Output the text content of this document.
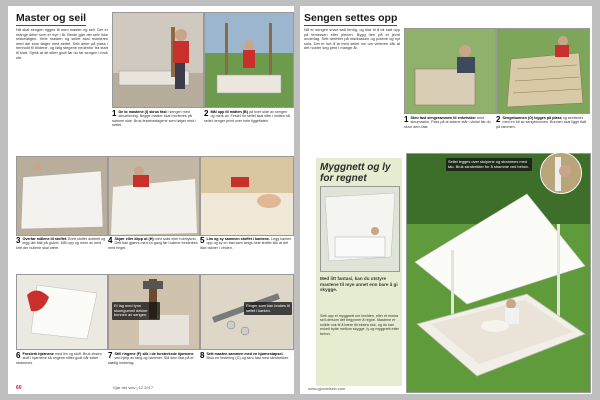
Master og seil
Nå skal sengen rigges til med master og seil. Det er mange deler som er nye i år. Beste gjør det selv ikke rekkefølgen. Hele masten og seilet skal monteres med det som følger med settet. Sett deler på plass i henhold til bildene, og følg stegene nedenfor fra start til slutt. Sjekk at alt sitter godt før du tar sengen i bruk ute.
1 De to mastene (I) skrus fast i sengen med skrueboring. Begge master skal monteres på samme side. Bruk festebeslagene som følger med i settet.
2 Mål opp til midten (B) på hver side av sengen og merk av. Festet for seilet skal sitte i midten så seilet henger jevnt over hele liggeflaten.
3 Overfør målene til stoffet. Brett stoffet dobbelt og legg det flatt på gulvet. Mål opp og merk av med kritt der hullene skal være.
4 Skjær eller klipp ut (H) med saks eller hobbykniv. Dett kan gjøres med en gang før hullene forsterkes med ringer.
5 Lim og sy sammen stoffet i kantene. Legg kanten opp og sy en fast søm langs hele stoffet slik at det ikke rakner i vinden.
Et lag med tynn skumgummi dekker bunnen av sengen.
Ringer som kan brukes til seilet i kanten.
6 Forsterk hjørnene med lim og stoff. Bruk ekstra stoff i hjørnene så ringene sitter godt når seilet strammes.
7 Still ringene (F) slik i de forsterkede hjørnene ved hjelp av tang og hammer. Slå dem fast på et stødig underlag.
8 Sett masten sammen med en hjørnestøpsel. Bruk en festering (G) og skru fast med skrutrekker.
60	Gjør det selv | 12 2017
Sengen settes opp
Nå er sengen snart satt ferdig, og klar til å bli satt opp på terrassen eller plenen. Bygg den på et jevnt underlag. Sett deretter på madrassen og putene og nyt sola. Det er lurt å ta med seilet inn om vinteren slik at det holder seg pent i mange år.
1 Skru fast sengerammen til enkelsider med skrumaskin. Pass på at sidene står i vinkel før du skrur dem fast.
2 Sengebunnen (G) legges på plass og sentreres med en bit av sengebunnen. Bunnen skal ligge flatt på rammen.
Myggnett og ly for regnet
Med litt fantasi, kan du utstyre mastene til mye annet enn bare å gi skygge.
Sett opp et myggnett om kvelden, eller et ekstra seil dersom det begynner å regne. Mastene er solide nok til å bære litt ekstra duk, og du kan enkelt bytte mellom skygge, ly og myggnett etter behov.
Seilet legges over stolpene og strammes med tau. Bruk skrutrekker for å stramme ved behov.
www.gjordetselv.com
